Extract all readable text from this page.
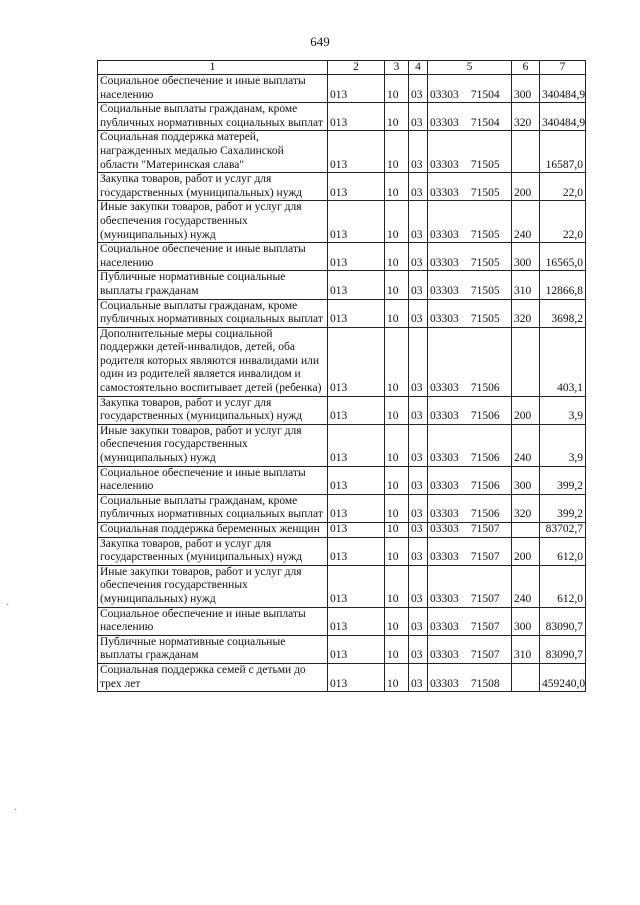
649
1	2	3	4	5	6	7
Социальное обеспечение и иные выплаты населению	013	10	03	03303 71504	300	340484,9
Социальные выплаты гражданам, кроме публичных нормативных социальных выплат	013	10	03	03303 71504	320	340484,9
Социальная поддержка матерей, награжденных медалью Сахалинской области "Материнская слава"	013	10	03	03303 71505		16587,0
Закупка товаров, работ и услуг для государственных (муниципальных) нужд	013	10	03	03303 71505	200	22,0
Иные закупки товаров, работ и услуг для обеспечения государственных (муниципальных) нужд	013	10	03	03303 71505	240	22,0
Социальное обеспечение и иные выплаты населению	013	10	03	03303 71505	300	16565,0
Публичные нормативные социальные выплаты гражданам	013	10	03	03303 71505	310	12866,8
Социальные выплаты гражданам, кроме публичных нормативных социальных выплат	013	10	03	03303 71505	320	3698,2
Дополнительные меры социальной поддержки детей-инвалидов, детей, оба родителя которых являются инвалидами или один из родителей является инвалидом и самостоятельно воспитывает детей (ребенка)	013	10	03	03303 71506		403,1
Закупка товаров, работ и услуг для государственных (муниципальных) нужд	013	10	03	03303 71506	200	3,9
Иные закупки товаров, работ и услуг для обеспечения государственных (муниципальных) нужд	013	10	03	03303 71506	240	3,9
Социальное обеспечение и иные выплаты населению	013	10	03	03303 71506	300	399,2
Социальные выплаты гражданам, кроме публичных нормативных социальных выплат	013	10	03	03303 71506	320	399,2
Социальная поддержка беременных женщин	013	10	03	03303 71507		83702,7
Закупка товаров, работ и услуг для государственных (муниципальных) нужд	013	10	03	03303 71507	200	612,0
Иные закупки товаров, работ и услуг для обеспечения государственных (муниципальных) нужд	013	10	03	03303 71507	240	612,0
Социальное обеспечение и иные выплаты населению	013	10	03	03303 71507	300	83090,7
Публичные нормативные социальные выплаты гражданам	013	10	03	03303 71507	310	83090,7
Социальная поддержка семей с детьми до трех лет	013	10	03	03303 71508		459240,0
·
·
